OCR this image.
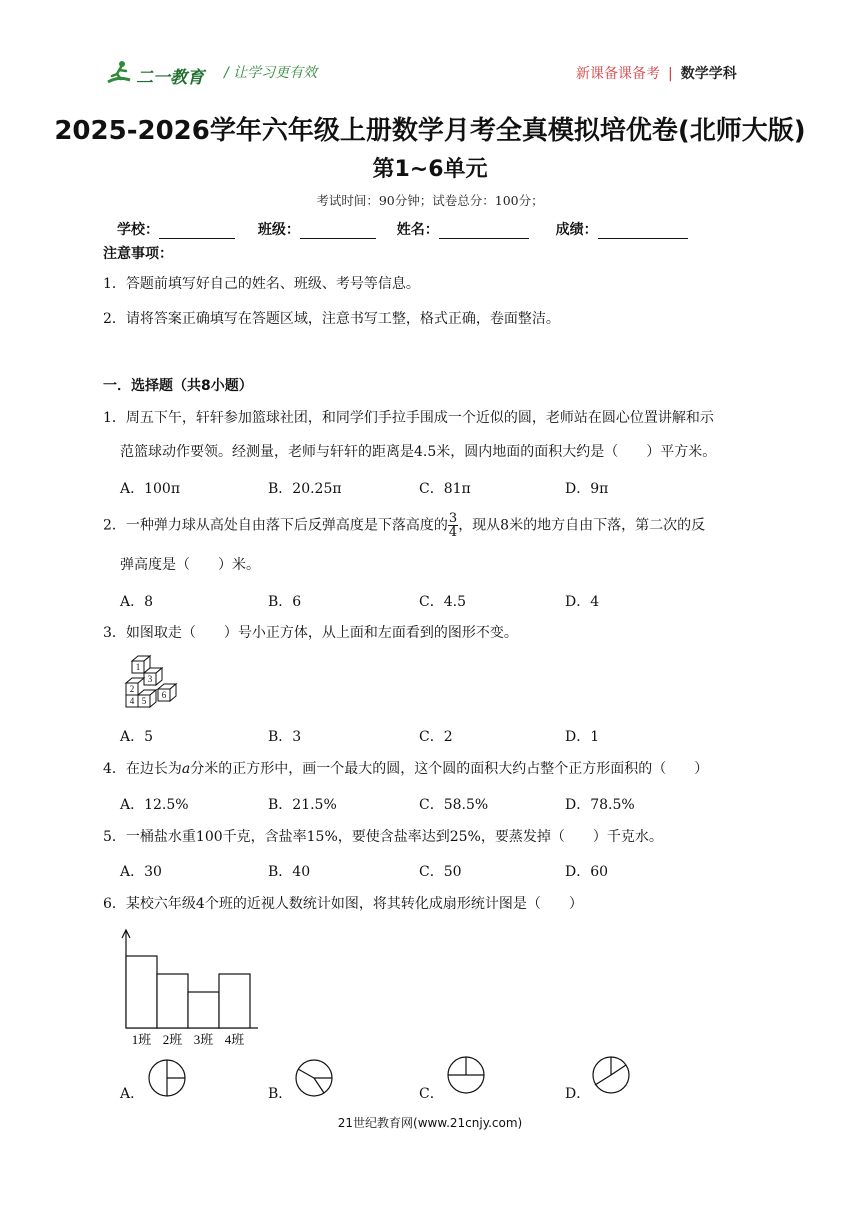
二一教育 / 让学习更有效	新课备课备考 | 数学学科
2025-2026学年六年级上册数学月考全真模拟培优卷(北师大版)
第1~6单元
考试时间：90分钟；试卷总分：100分；
学校：	班级：	姓名：	成绩：
注意事项：
1．答题前填写好自己的姓名、班级、考号等信息。
2．请将答案正确填写在答题区域，注意书写工整，格式正确，卷面整洁。
一．选择题（共8小题）
1．周五下午，轩轩参加篮球社团，和同学们手拉手围成一个近似的圆，老师站在圆心位置讲解和示
范篮球动作要领。经测量，老师与轩轩的距离是4.5米，圆内地面的面积大约是（　　）平方米。
A．100π	B．20.25π	C．81π	D．9π
2．一种弹力球从高处自由落下后反弹高度是下落高度的 $\frac{3}{4}$ ，现从8米的地方自由下落，第二次的反
弹高度是（　　）米。
A．8	B．6	C．4.5	D．4
3．如图取走（　　）号小正方体，从上面和左面看到的图形不变。
1
2
3
4 5
6
A．5	B．3	C．2	D．1
4．在边长为a分米的正方形中，画一个最大的圆，这个圆的面积大约占整个正方形面积的（　　）
A．12.5%	B．21.5%	C．58.5%	D．78.5%
5．一桶盐水重100千克，含盐率15%，要使含盐率达到25%，要蒸发掉（　　）千克水。
A．30	B．40	C．50	D．60
6．某校六年级4个班的近视人数统计如图，将其转化成扇形统计图是（　　）
1班 2班 3班 4班
A．	B．	C．	D．
21世纪教育网(www.21cnjy.com)
